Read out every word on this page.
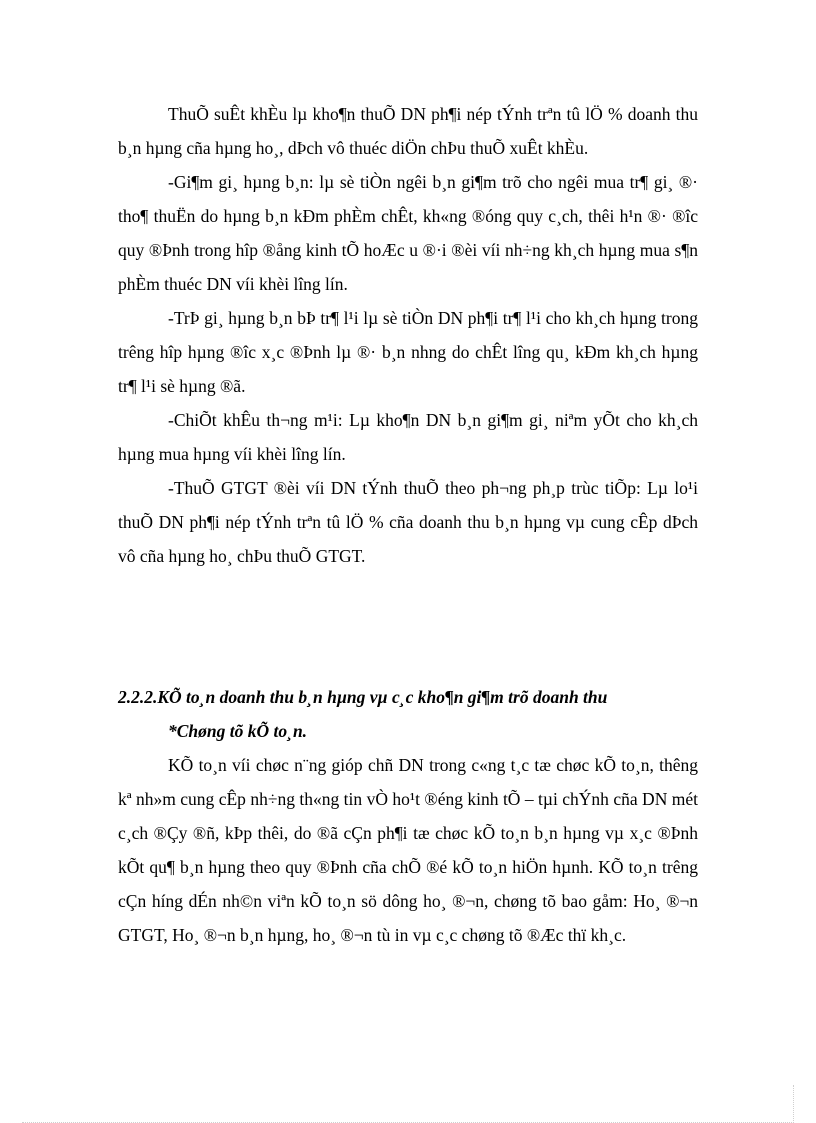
ThuÕ suÊt khÈu lµ kho¶n thuÕ DN ph¶i nép tÝnh trªn tû lÖ % doanh thu b¸n hµng cña hµng ho¸, dÞch vô thuéc diÖn chÞu thuÕ xuÊt khÈu.

-Gi¶m gi¸ hµng b¸n: lµ sè tiÒn ngêi b¸n gi¶m trõ cho ngêi mua tr¶ gi¸ ®· tho¶ thuËn do hµng b¸n kÐm phÈm chÊt, kh«ng ®óng quy c¸ch, thêi h¹n ®· ®îc quy ®Þnh trong hîp ®ång kinh tÕ hoÆc u ®·i ®èi víi nh÷ng kh¸ch hµng mua s¶n phÈm thuéc DN víi khèi lîng lín.

-TrÞ gi¸ hµng b¸n bÞ tr¶ l¹i lµ sè tiÒn DN ph¶i tr¶ l¹i cho kh¸ch hµng trong trêng hîp hµng ®îc x¸c ®Þnh lµ ®· b¸n nhng do chÊt lîng qu¸ kÐm kh¸ch hµng tr¶ l¹i sè hµng ®ã.

-ChiÕt khÊu th¬ng m¹i: Lµ kho¶n DN b¸n gi¶m gi¸ niªm yÕt cho kh¸ch hµng mua hµng víi khèi lîng lín.

-ThuÕ GTGT ®èi víi DN tÝnh thuÕ theo ph¬ng ph¸p trùc tiÕp: Lµ lo¹i thuÕ DN ph¶i nép tÝnh trªn tû lÖ % cña doanh thu b¸n hµng vµ cung cÊp dÞch vô cña hµng ho¸ chÞu thuÕ GTGT.

2.2.2.KÕ to¸n doanh thu b¸n hµng vµ c¸c kho¶n gi¶m trõ doanh thu

*Chøng tõ kÕ to¸n.

KÕ to¸n víi chøc n¨ng gióp chñ DN trong c«ng t¸c tæ chøc kÕ to¸n, thêng kª nh»m cung cÊp nh÷ng th«ng tin vÒ ho¹t ®éng kinh tÕ – tµi chÝnh cña DN mét c¸ch ®Çy ®ñ, kÞp thêi, do ®ã cÇn ph¶i tæ chøc kÕ to¸n b¸n hµng vµ x¸c ®Þnh kÕt qu¶ b¸n hµng theo quy ®Þnh cña chÕ ®é kÕ to¸n hiÖn hµnh. KÕ to¸n trêng cÇn híng dÉn nh©n viªn kÕ to¸n sö dông ho¸ ®¬n, chøng tõ bao gåm: Ho¸ ®¬n GTGT, Ho¸ ®¬n b¸n hµng, ho¸ ®¬n tù in vµ c¸c chøng tõ ®Æc thï kh¸c.
